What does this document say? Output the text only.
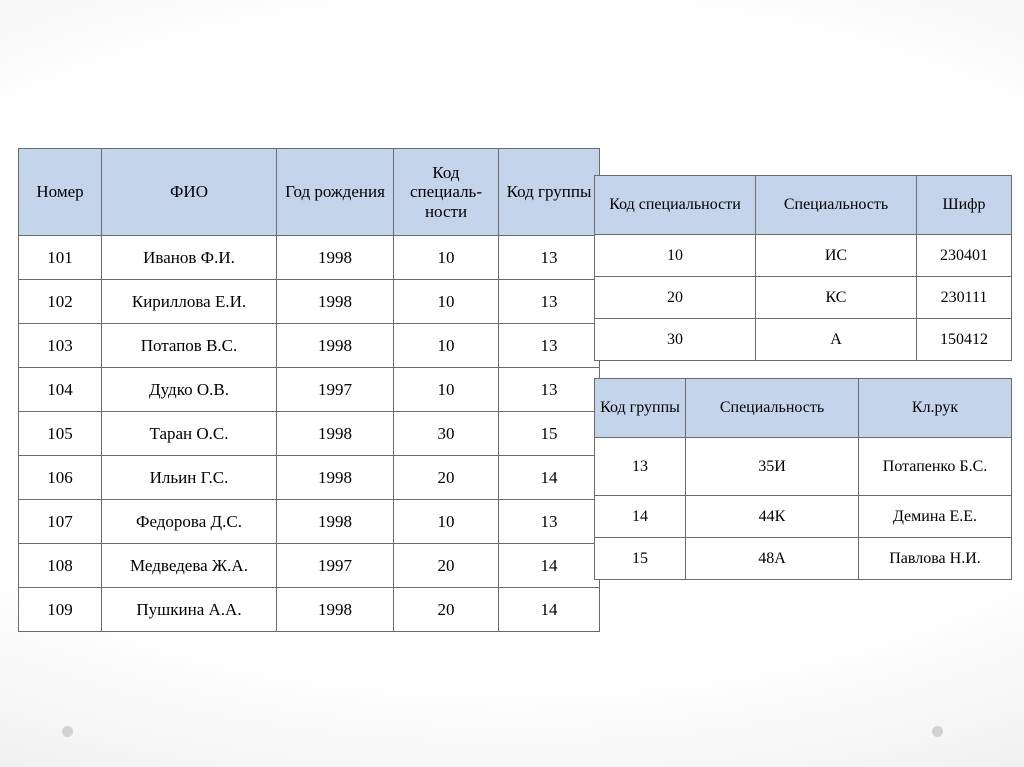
Номер	ФИО	Год рождения	Код специаль-ности	Код группы
101	Иванов Ф.И.	1998	10	13
102	Кириллова Е.И.	1998	10	13
103	Потапов В.С.	1998	10	13
104	Дудко О.В.	1997	10	13
105	Таран О.С.	1998	30	15
106	Ильин Г.С.	1998	20	14
107	Федорова Д.С.	1998	10	13
108	Медведева Ж.А.	1997	20	14
109	Пушкина А.А.	1998	20	14
Код специальности	Специальность	Шифр
10	ИС	230401
20	КС	230111
30	А	150412
Код группы	Специальность	Кл.рук
13	35И	Потапенко Б.С.
14	44К	Демина Е.Е.
15	48А	Павлова Н.И.
